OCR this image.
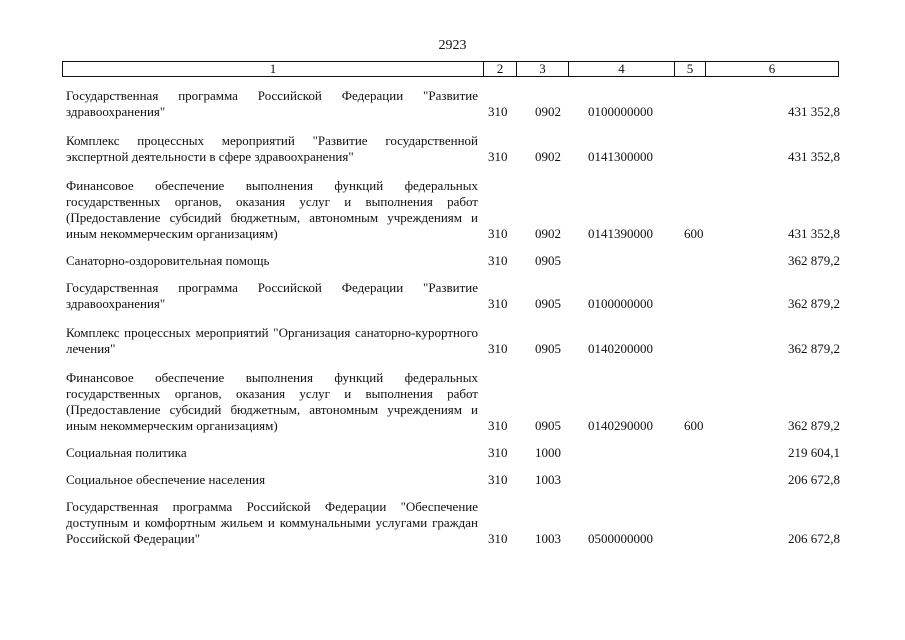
2923
1	2	3	4	5	6
Государственная программа Российской Федерации "Развитие здравоохранения"	310 0902 0100000000	431 352,8
Комплекс процессных мероприятий "Развитие государственной экспертной деятельности в сфере здравоохранения"	310 0902 0141300000	431 352,8
Финансовое обеспечение выполнения функций федеральных государственных органов, оказания услуг и выполнения работ (Предоставление субсидий бюджетным, автономным учреждениям и иным некоммерческим организациям)	310 0902 0141390000 600	431 352,8
Санаторно-оздоровительная помощь	310 0905	362 879,2
Государственная программа Российской Федерации "Развитие здравоохранения"	310 0905 0100000000	362 879,2
Комплекс процессных мероприятий "Организация санаторно-курортного лечения"	310 0905 0140200000	362 879,2
Финансовое обеспечение выполнения функций федеральных государственных органов, оказания услуг и выполнения работ (Предоставление субсидий бюджетным, автономным учреждениям и иным некоммерческим организациям)	310 0905 0140290000 600	362 879,2
Социальная политика	310 1000	219 604,1
Социальное обеспечение населения	310 1003	206 672,8
Государственная программа Российской Федерации "Обеспечение доступным и комфортным жильем и коммунальными услугами граждан Российской Федерации"	310 1003 0500000000	206 672,8
